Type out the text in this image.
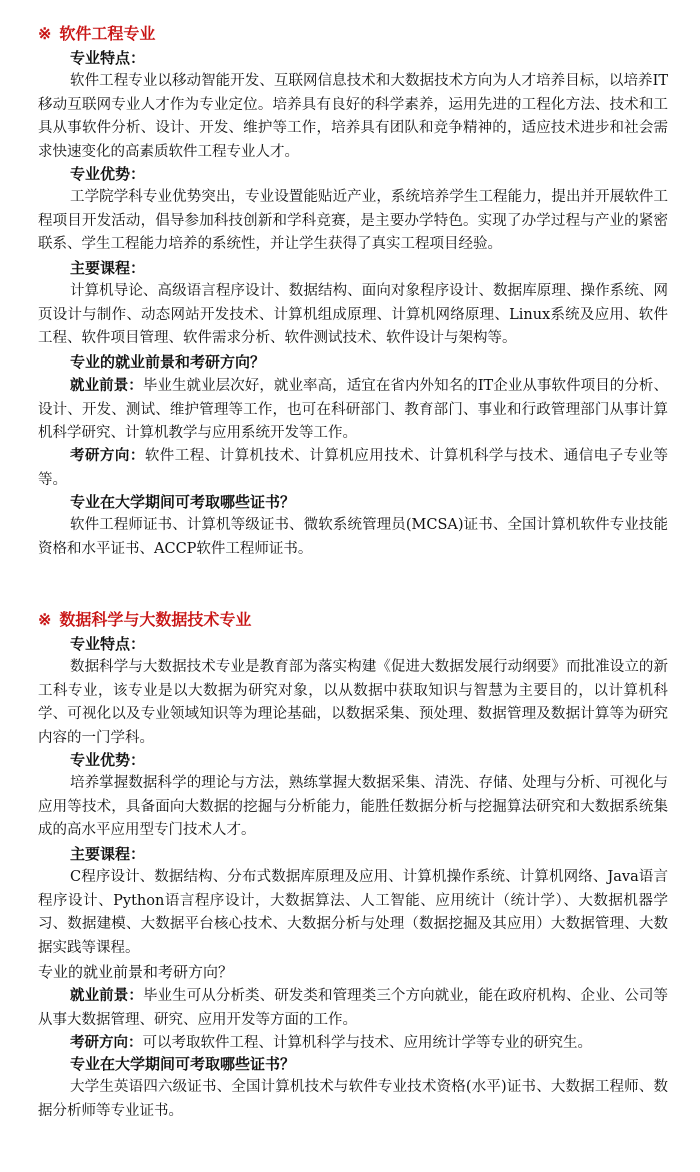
※ 软件工程专业
专业特点：

软件工程专业以移动智能开发、互联网信息技术和大数据技术方向为人才培养目标，以培养IT移动互联网专业人才作为专业定位。培养具有良好的科学素养，运用先进的工程化方法、技术和工具从事软件分析、设计、开发、维护等工作，培养具有团队和竞争精神的，适应技术进步和社会需求快速变化的高素质软件工程专业人才。

专业优势：

工学院学科专业优势突出，专业设置能贴近产业，系统培养学生工程能力，提出并开展软件工程项目开发活动，倡导参加科技创新和学科竞赛，是主要办学特色。实现了办学过程与产业的紧密联系、学生工程能力培养的系统性，并让学生获得了真实工程项目经验。

主要课程：

计算机导论、高级语言程序设计、数据结构、面向对象程序设计、数据库原理、操作系统、网页设计与制作、动态网站开发技术、计算机组成原理、计算机网络原理、Linux系统及应用、软件工程、软件项目管理、软件需求分析、软件测试技术、软件设计与架构等。

专业的就业前景和考研方向？

就业前景：毕业生就业层次好，就业率高，适宜在省内外知名的IT企业从事软件项目的分析、设计、开发、测试、维护管理等工作，也可在科研部门、教育部门、事业和行政管理部门从事计算机科学研究、计算机教学与应用系统开发等工作。

考研方向：软件工程、计算机技术、计算机应用技术、计算机科学与技术、通信电子专业等等。

专业在大学期间可考取哪些证书？

软件工程师证书、计算机等级证书、微软系统管理员(MCSA)证书、全国计算机软件专业技能资格和水平证书、ACCP软件工程师证书。

※ 数据科学与大数据技术专业
专业特点：

数据科学与大数据技术专业是教育部为落实构建《促进大数据发展行动纲要》而批准设立的新工科专业，该专业是以大数据为研究对象，以从数据中获取知识与智慧为主要目的，以计算机科学、可视化以及专业领域知识等为理论基础，以数据采集、预处理、数据管理及数据计算等为研究内容的一门学科。

专业优势：

培养掌握数据科学的理论与方法，熟练掌握大数据采集、清洗、存储、处理与分析、可视化与应用等技术，具备面向大数据的挖掘与分析能力，能胜任数据分析与挖掘算法研究和大数据系统集成的高水平应用型专门技术人才。

主要课程：

C程序设计、数据结构、分布式数据库原理及应用、计算机操作系统、计算机网络、Java语言程序设计、Python语言程序设计，大数据算法、人工智能、应用统计（统计学）、大数据机器学习、数据建模、大数据平台核心技术、大数据分析与处理（数据挖掘及其应用）大数据管理、大数据实践等课程。

专业的就业前景和考研方向？

就业前景：毕业生可从分析类、研发类和管理类三个方向就业，能在政府机构、企业、公司等从事大数据管理、研究、应用开发等方面的工作。

考研方向：可以考取软件工程、计算机科学与技术、应用统计学等专业的研究生。

专业在大学期间可考取哪些证书？

大学生英语四六级证书、全国计算机技术与软件专业技术资格(水平)证书、大数据工程师、数据分析师等专业证书。
